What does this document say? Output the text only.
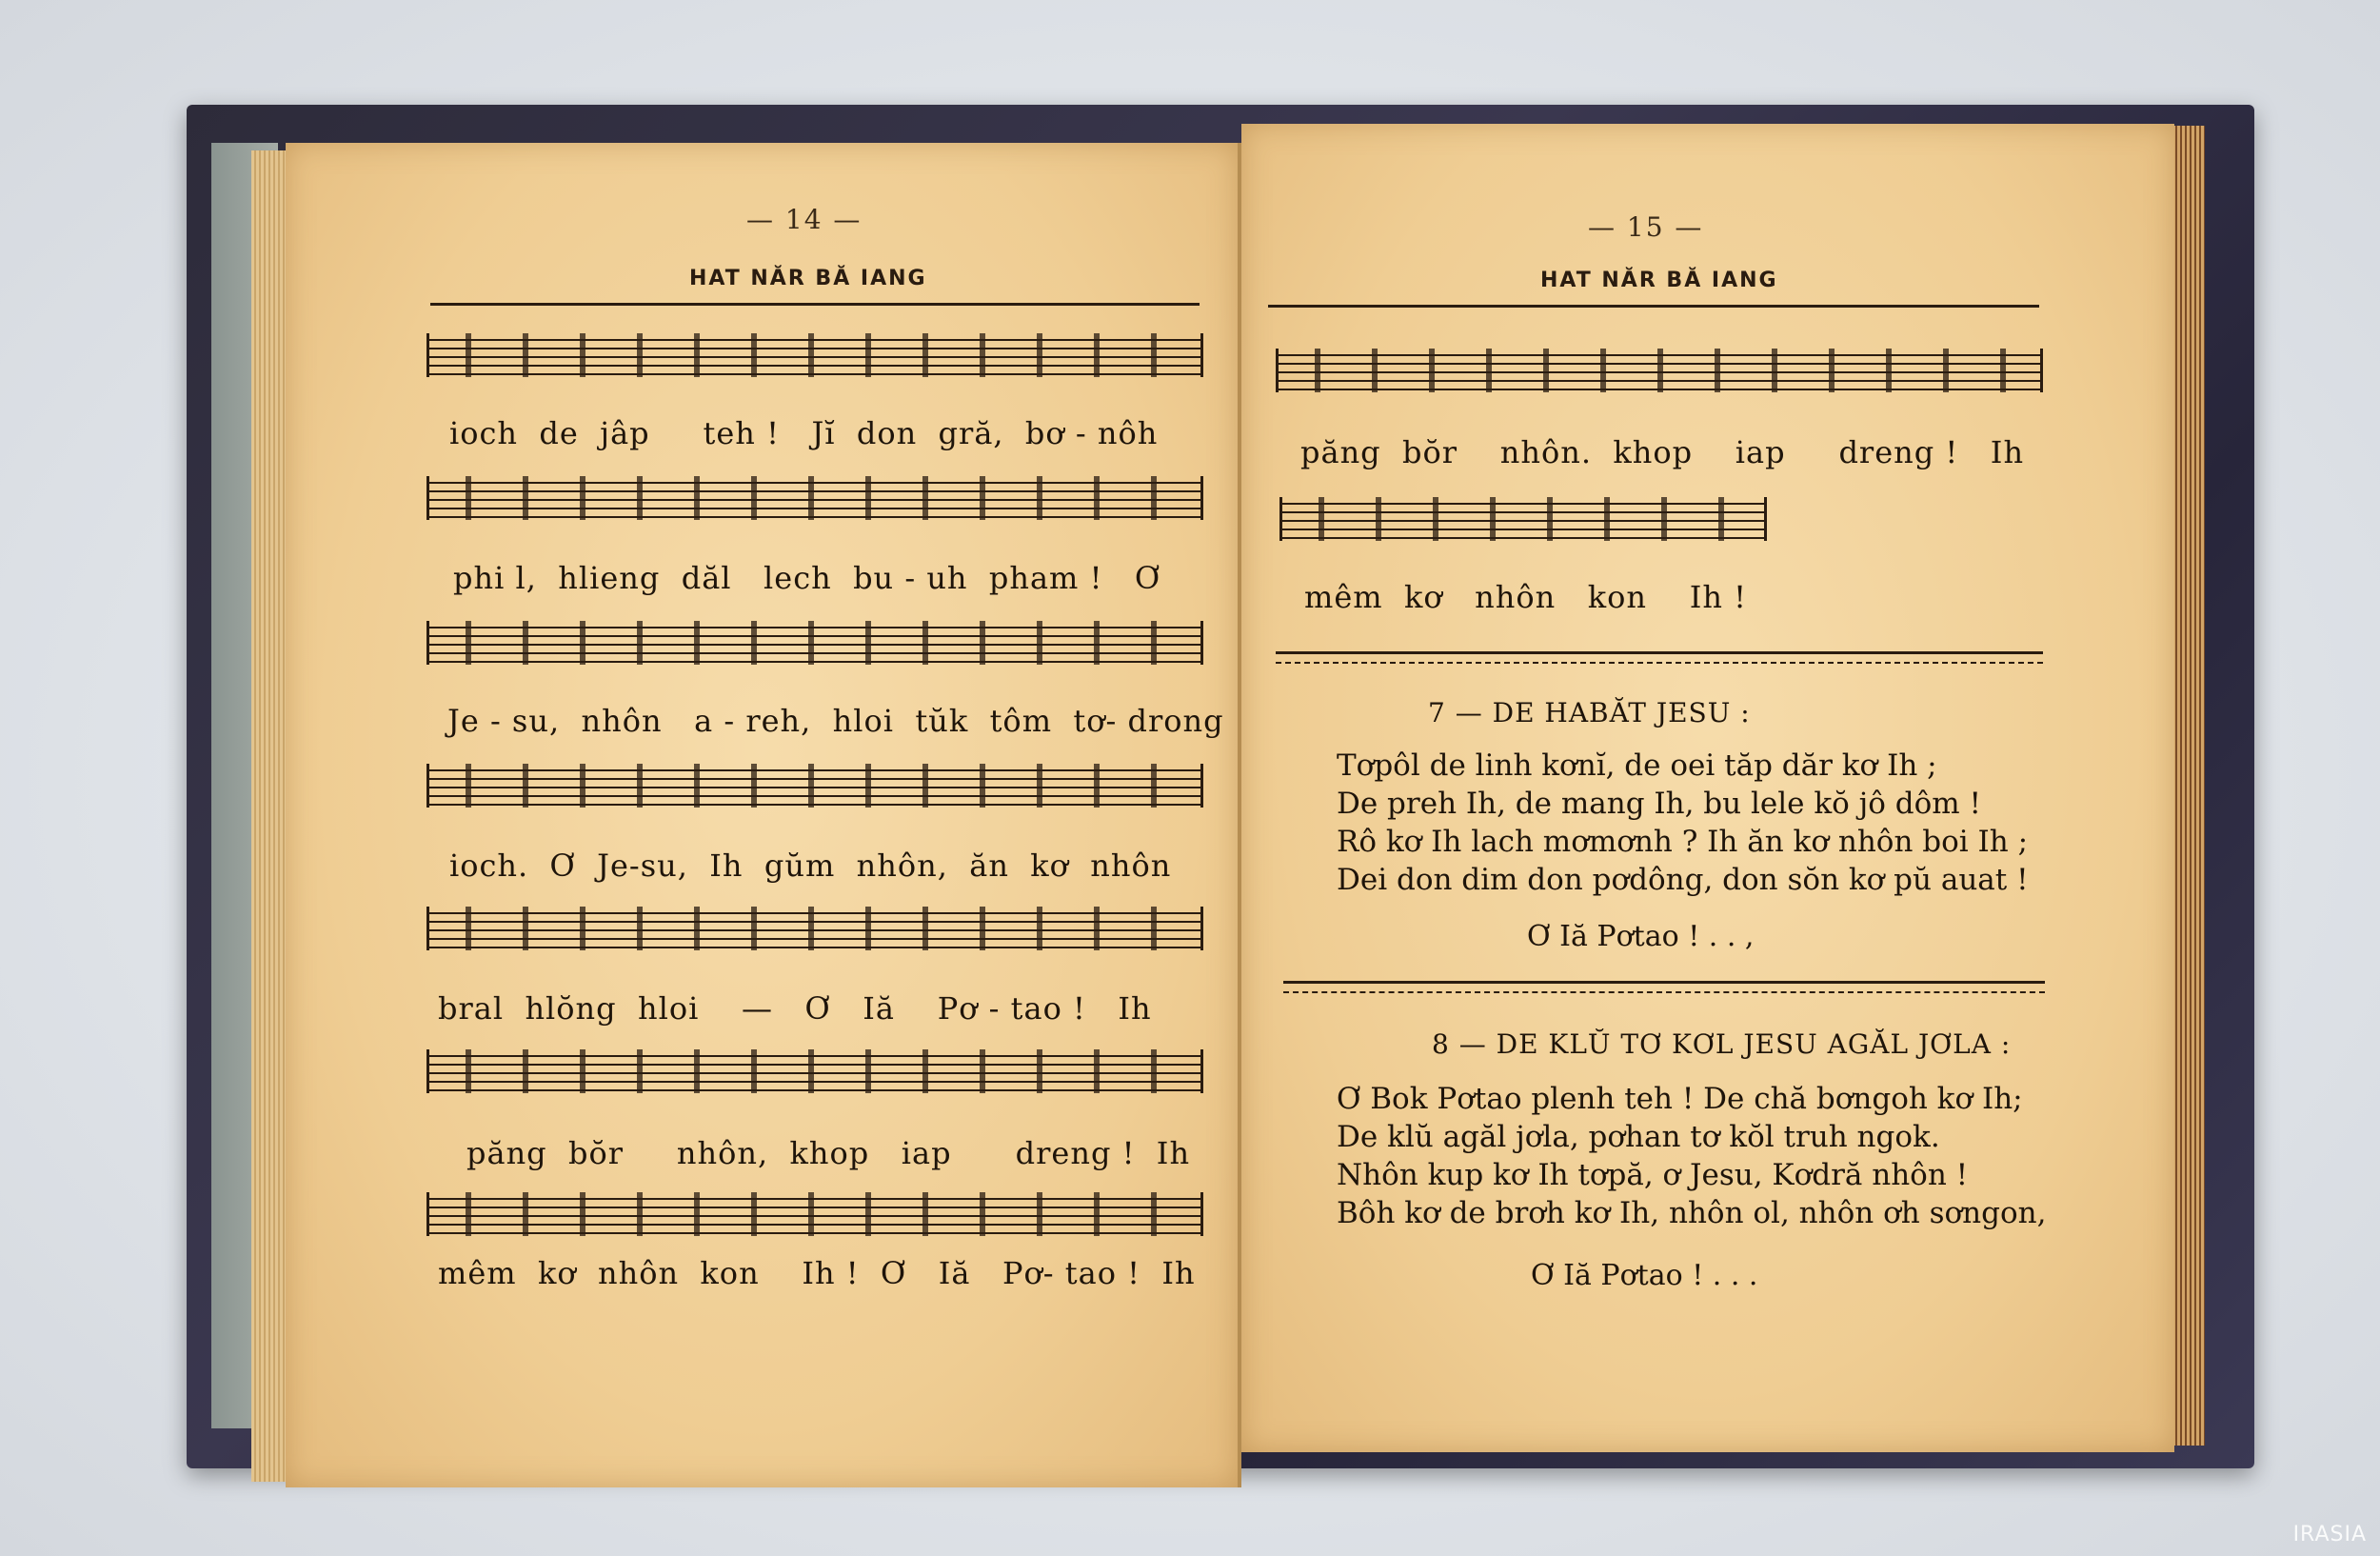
— 14 —
HAT NĂR BĂ IANG
ioch  de  jâp     teh !   Jĭ  don  gră,  bơ - nôh
phi l,  hlieng  dăl   lech  bu - uh  pham !   Ơ
Je - su,  nhôn   a - reh,  hloi  tŭk  tôm  tơ- drong
ioch.  Ơ  Je-su,  Ih  gŭm  nhôn,  ăn  kơ  nhôn
bral  hlŏng  hloi    —   Ơ   Iă    Pơ - tao !   Ih
păng  bŏr     nhôn,  khop   iap      dreng !  Ih
mêm  kơ  nhôn  kon    Ih !  Ơ   Iă   Pơ- tao !  Ih
— 15 —
HAT NĂR BĂ IANG
păng  bŏr    nhôn.  khop    iap     dreng !   Ih
mêm  kơ   nhôn   kon    Ih !
7 — DE HABĂT JESU :
Tơpôl de linh kơnĭ, de oei tăp dăr kơ Ih ;
De preh Ih, de mang Ih, bu lele kŏ jô dôm !
Rô kơ Ih lach mơmơnh ? Ih ăn kơ nhôn boi Ih ;
Dei don dim don pơdông, don sŏn kơ pŭ auat !
Ơ Iă Pơtao ! . . ,
8 — DE KLŬ TƠ KƠL JESU AGĂL JƠLA :
Ơ Bok Pơtao plenh teh ! De chă bơngoh kơ Ih;
De klŭ agăl jơla, pơhan tơ kŏl truh ngok.
Nhôn kup kơ Ih tơpă, ơ Jesu, Kơdră nhôn !
Bôh kơ de brơh kơ Ih, nhôn ol, nhôn ơh sơngon,
Ơ Iă Pơtao ! . . .
IRASIA
